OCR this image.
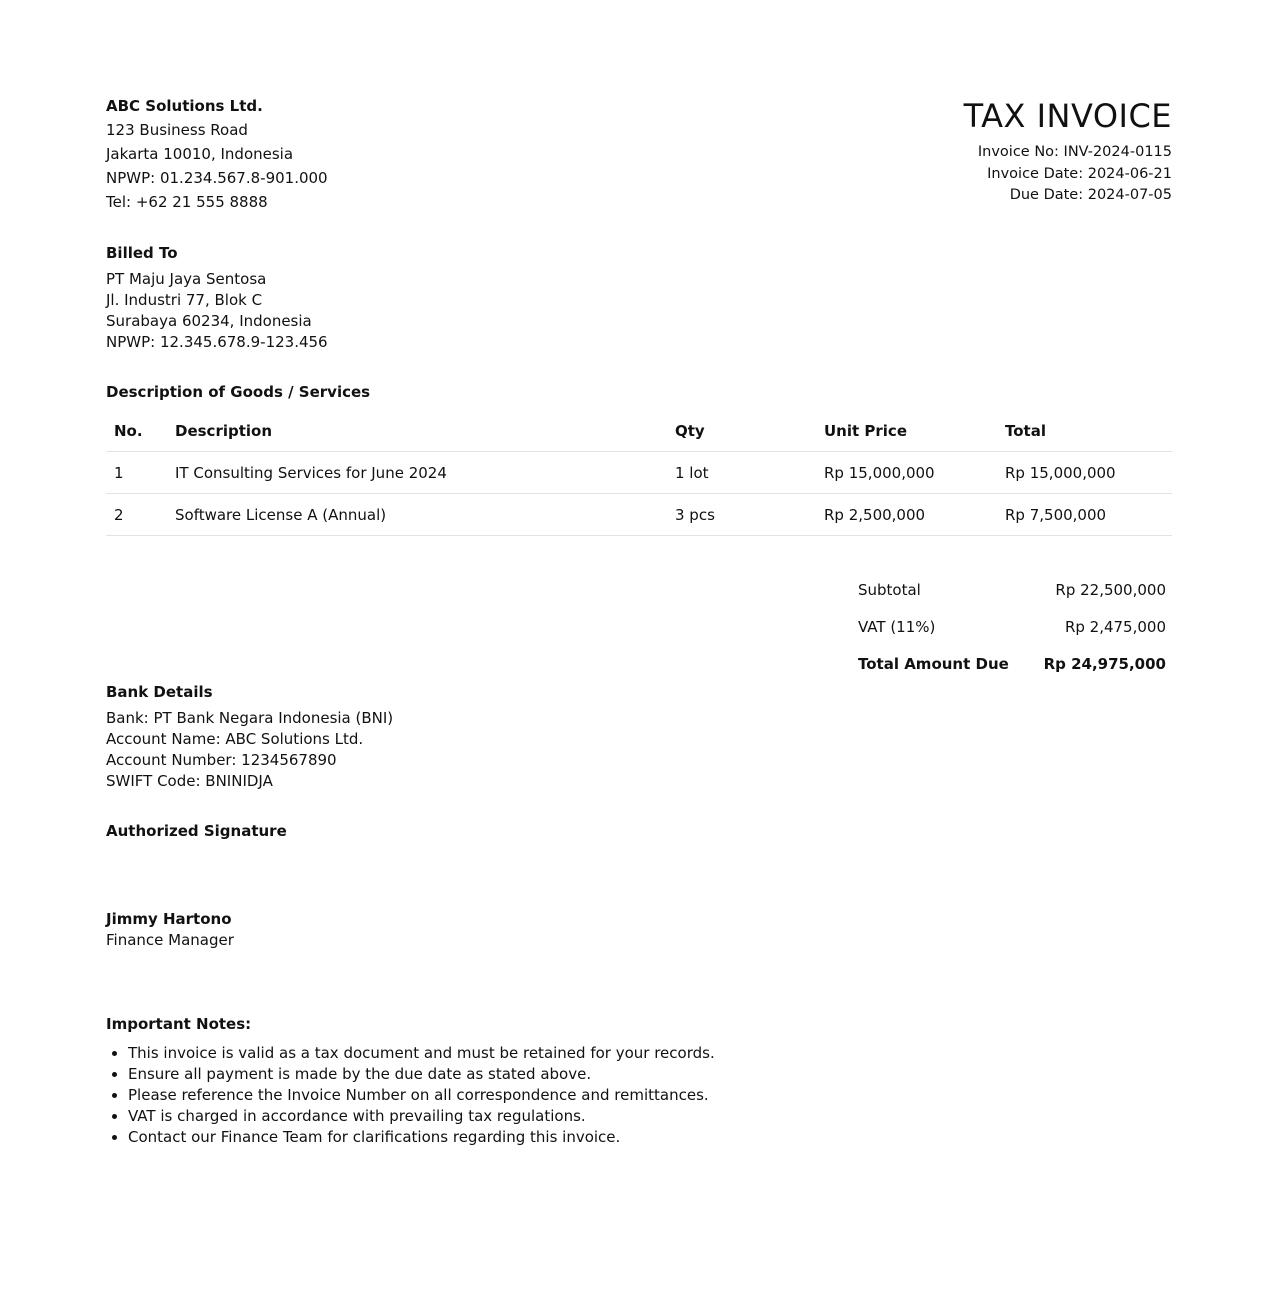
ABC Solutions Ltd.
123 Business Road
Jakarta 10010, Indonesia
NPWP: 01.234.567.8-901.000
Tel: +62 21 555 8888
TAX INVOICE
Invoice No: INV-2024-0115
Invoice Date: 2024-06-21
Due Date: 2024-07-05
Billed To
PT Maju Jaya Sentosa
Jl. Industri 77, Blok C
Surabaya 60234, Indonesia
NPWP: 12.345.678.9-123.456
Description of Goods / Services
No.	Description	Qty	Unit Price	Total
1	IT Consulting Services for June 2024	1 lot	Rp 15,000,000	Rp 15,000,000
2	Software License A (Annual)	3 pcs	Rp 2,500,000	Rp 7,500,000
Subtotal	Rp 22,500,000
VAT (11%)	Rp 2,475,000
Total Amount Due Rp 24,975,000
Bank Details
Bank: PT Bank Negara Indonesia (BNI)
Account Name: ABC Solutions Ltd.
Account Number: 1234567890
SWIFT Code: BNINIDJA
Authorized Signature
Jimmy Hartono
Finance Manager
Important Notes:
• This invoice is valid as a tax document and must be retained for your records.
• Ensure all payment is made by the due date as stated above.
• Please reference the Invoice Number on all correspondence and remittances.
• VAT is charged in accordance with prevailing tax regulations.
• Contact our Finance Team for clarifications regarding this invoice.
